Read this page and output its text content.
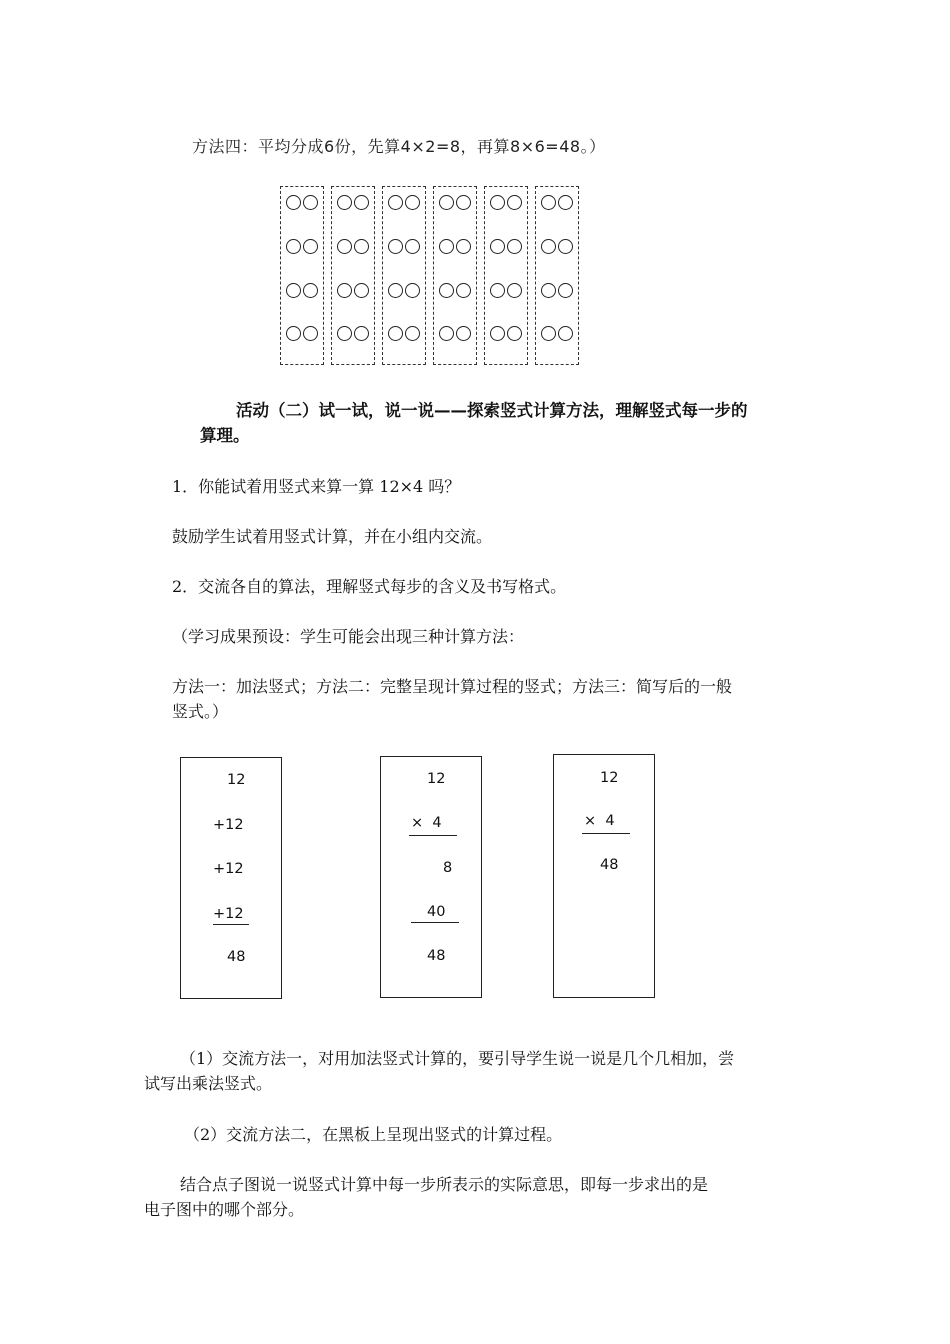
方法四：平均分成6份，先算4×2=8，再算8×6=48。）
活动（二）试一试，说一说——探索竖式计算方法，理解竖式每一步的
算理。
1．你能试着用竖式来算一算 12×4 吗？
鼓励学生试着用竖式计算，并在小组内交流。
2．交流各自的算法，理解竖式每步的含义及书写格式。
（学习成果预设：学生可能会出现三种计算方法：
方法一：加法竖式；方法二：完整呈现计算过程的竖式；方法三：简写后的一般
竖式。）
12
+12
+12
+12
48
12
×  4
8
40
48
12
×  4
48
（1）交流方法一，对用加法竖式计算的，要引导学生说一说是几个几相加，尝
试写出乘法竖式。
（2）交流方法二，在黑板上呈现出竖式的计算过程。
结合点子图说一说竖式计算中每一步所表示的实际意思，即每一步求出的是
电子图中的哪个部分。
